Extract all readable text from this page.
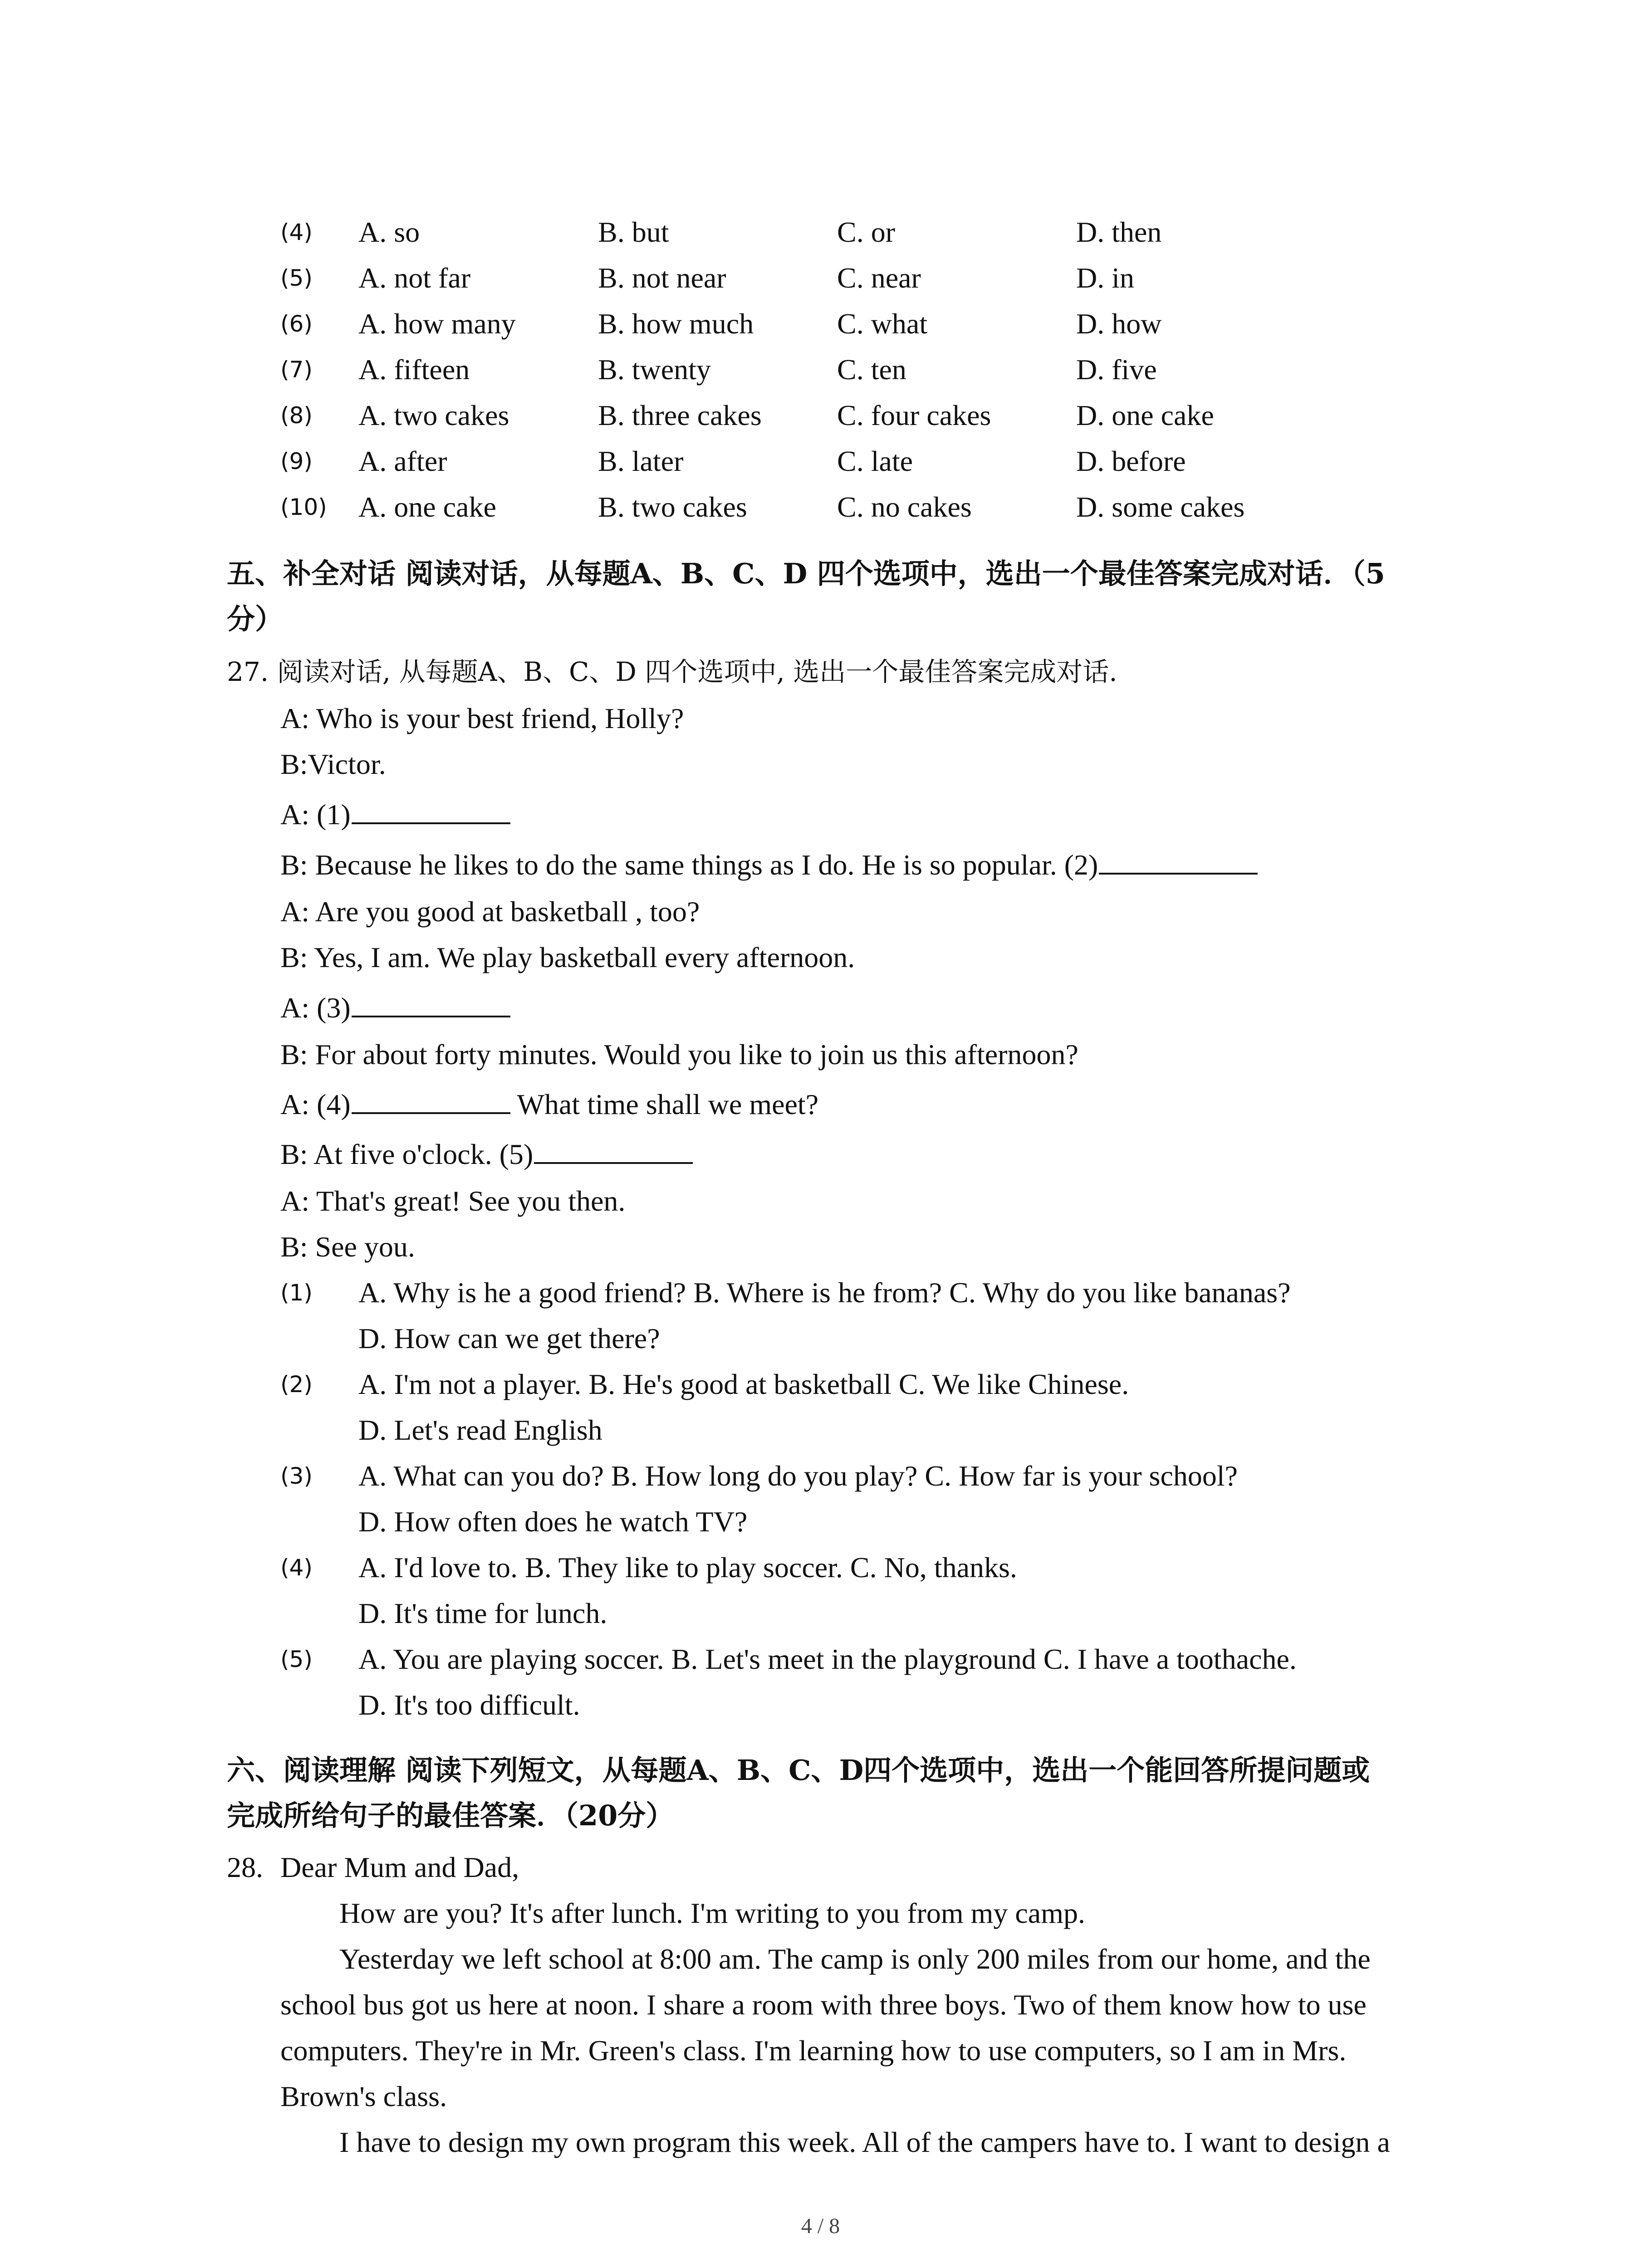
(4) A. so	B. but	C. or	D. then
(5) A. not far	B. not near	C. near	D. in
(6) A. how many	B. how much	C. what	D. how
(7) A. fifteen	B. twenty	C. ten	D. five
(8) A. two cakes	B. three cakes	C. four cakes	D. one cake
(9) A. after	B. later	C. late	D. before
(10) A. one cake	B. two cakes	C. no cakes	D. some cakes
五、补全对话 阅读对话，从每题A、B、C、D 四个选项中，选出一个最佳答案完成对话．（5
分）
27. 阅读对话, 从每题A、B、C、D 四个选项中, 选出一个最佳答案完成对话.
A: Who is your best friend, Holly?
B:Victor.
A: (1)
B: Because he likes to do the same things as I do. He is so popular. (2)
A: Are you good at basketball , too?
B: Yes, I am. We play basketball every afternoon.
A: (3)
B: For about forty minutes. Would you like to join us this afternoon?
A: (4)	What time shall we meet?
B: At five o'clock. (5)
A: That's great! See you then.
B: See you.
(1) A. Why is he a good friend? B. Where is he from? C. Why do you like bananas?
D. How can we get there?
(2) A. I'm not a player. B. He's good at basketball C. We like Chinese.
D. Let's read English
(3) A. What can you do? B. How long do you play? C. How far is your school?
D. How often does he watch TV?
(4) A. I'd love to. B. They like to play soccer. C. No, thanks.
D. It's time for lunch.
(5) A. You are playing soccer. B. Let's meet in the playground C. I have a toothache.
D. It's too difficult.
六、阅读理解 阅读下列短文，从每题A、B、C、D四个选项中，选出一个能回答所提问题或
完成所给句子的最佳答案．（20分）
28. Dear Mum and Dad,
How are you? It's after lunch. I'm writing to you from my camp.
Yesterday we left school at 8:00 am. The camp is only 200 miles from our home, and the
school bus got us here at noon. I share a room with three boys. Two of them know how to use
computers. They're in Mr. Green's class. I'm learning how to use computers, so I am in Mrs.
Brown's class.
I have to design my own program this week. All of the campers have to. I want to design a
4 / 8
